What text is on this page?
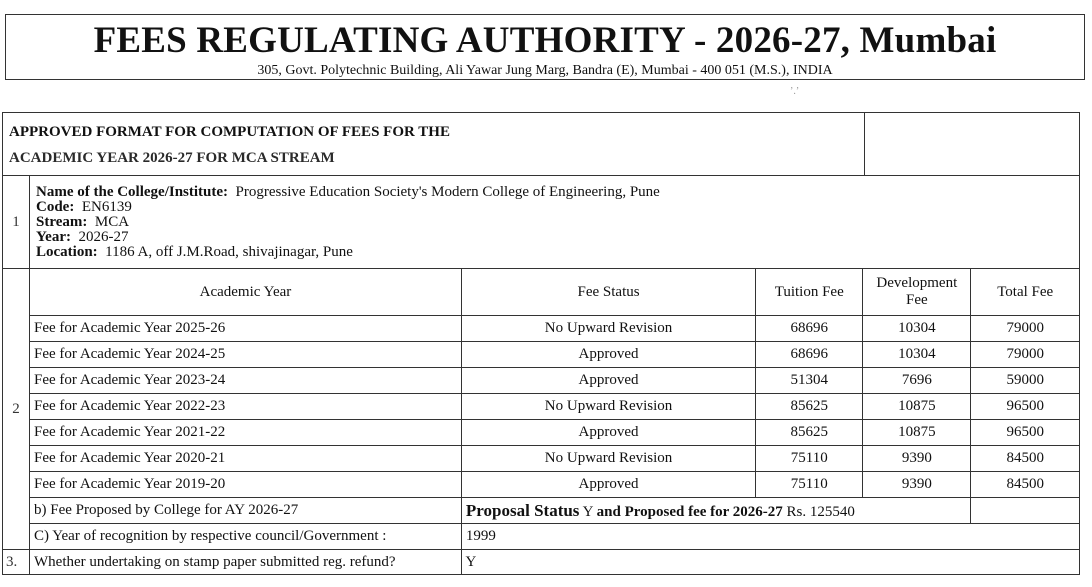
FEES REGULATING AUTHORITY - 2026-27, Mumbai
305, Govt. Polytechnic Building, Ali Yawar Jung Marg, Bandra (E), Mumbai - 400 051 (M.S.), INDIA
ʼ.ʼ
APPROVED FORMAT FOR COMPUTATION OF FEES FOR THE
ACADEMIC YEAR 2026-27 FOR MCA STREAM

1	
Name of the College/Institute: Progressive Education Society's Modern College of Engineering, Pune
Code: EN6139
Stream: MCA
Year: 2026-27
Location: 1186 A, off J.M.Road, shivajinagar, Pune

2	
Academic Year	Fee Status	Tuition Fee	Development Fee	Total Fee
Fee for Academic Year 2025-26	No Upward Revision	68696	10304	79000
Fee for Academic Year 2024-25	Approved	68696	10304	79000
Fee for Academic Year 2023-24	Approved	51304	7696	59000
Fee for Academic Year 2022-23	No Upward Revision	85625	10875	96500
Fee for Academic Year 2021-22	Approved	85625	10875	96500
Fee for Academic Year 2020-21	No Upward Revision	75110	9390	84500
Fee for Academic Year 2019-20	Approved	75110	9390	84500
b) Fee Proposed by College for AY 2026-27	Proposal Status Y and Proposed fee for 2026-27 Rs. 125540	
C) Year of recognition by respective council/Government :	1999

3.	Whether undertaking on stamp paper submitted reg. refund?	Y
